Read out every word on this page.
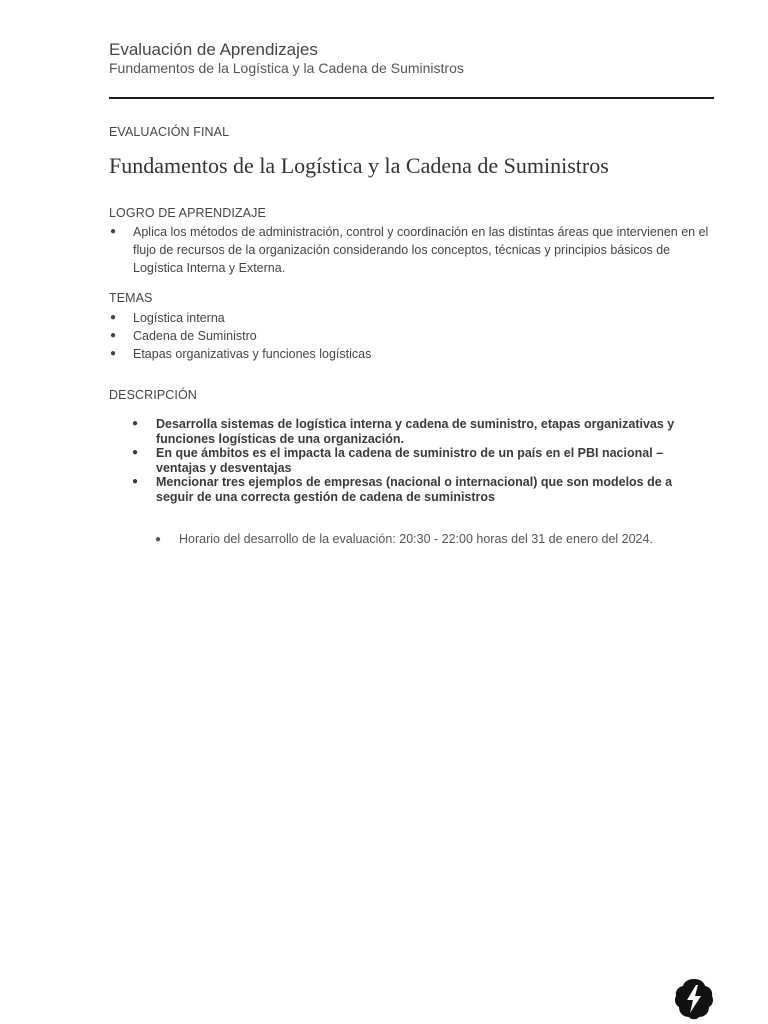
Evaluación de Aprendizajes
Fundamentos de la Logística y la Cadena de Suministros
EVALUACIÓN FINAL
Fundamentos de la Logística y la Cadena de Suministros
LOGRO DE APRENDIZAJE
● Aplica los métodos de administración, control y coordinación en las distintas áreas que intervienen en el flujo de recursos de la organización considerando los conceptos, técnicas y principios básicos de Logística Interna y Externa.
TEMAS
● Logística interna
● Cadena de Suministro
● Etapas organizativas y funciones logísticas
DESCRIPCIÓN
● Desarrolla sistemas de logística interna y cadena de suministro, etapas organizativas y funciones logísticas de una organización.
● En que ámbitos es el impacta la cadena de suministro de un país en el PBI nacional – ventajas y desventajas
● Mencionar tres ejemplos de empresas (nacional o internacional) que son modelos de a seguir de una correcta gestión de cadena de suministros
● Horario del desarrollo de la evaluación: 20:30 - 22:00 horas del 31 de enero del 2024.
